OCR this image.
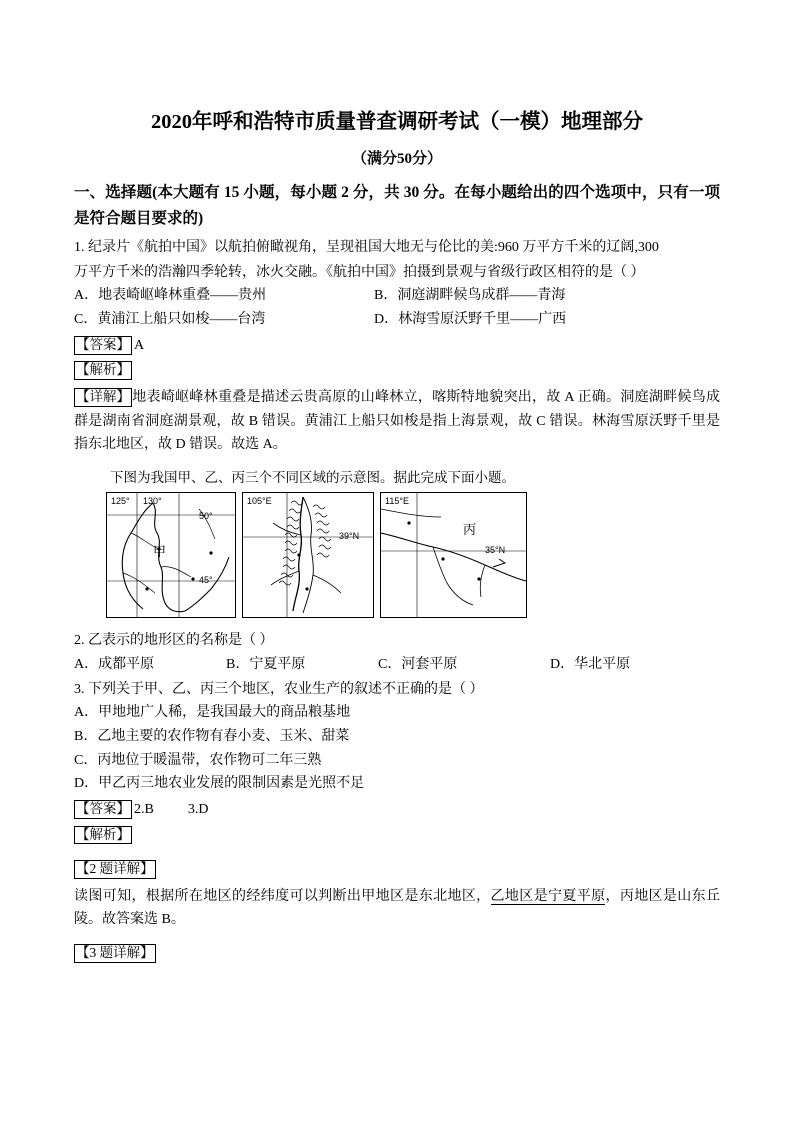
2020年呼和浩特市质量普查调研考试（一模）地理部分
（满分50分）
一、选择题(本大题有 15 小题，每小题 2 分，共 30 分。在每小题给出的四个选项中，只有一项是符合题目要求的)
1. 纪录片《航拍中国》以航拍俯瞰视角，呈现祖国大地无与伦比的美:960 万平方千米的辽阔,300
万平方千米的浩瀚四季轮转，冰火交融。《航拍中国》拍摄到景观与省级行政区相符的是（ ）
A．地表崎岖峰林重叠——贵州	B．洞庭湖畔候鸟成群——青海
C．黄浦江上船只如梭——台湾	D．林海雪原沃野千里——广西
【答案】 A
【解析】
【详解】 地表崎岖峰林重叠是描述云贵高原的山峰林立，喀斯特地貌突出，故 A 正确。洞庭湖畔候鸟成群是湖南省洞庭湖景观，故 B 错误。黄浦江上船只如梭是指上海景观，故 C 错误。林海雪原沃野千里是指东北地区，故 D 错误。故选 A。
下图为我国甲、乙、丙三个不同区域的示意图。据此完成下面小题。
125° 130°
50°
45°
甲
105°E
39°N
115°E
35°N
丙
2. 乙表示的地形区的名称是（ ）
A．成都平原	B．宁夏平原	C．河套平原	D．华北平原
3. 下列关于甲、乙、丙三个地区，农业生产的叙述不正确的是（ ）
A．甲地地广人稀，是我国最大的商品粮基地
B．乙地主要的农作物有春小麦、玉米、甜菜
C．丙地位于暖温带，农作物可二年三熟
D．甲乙丙三地农业发展的限制因素是光照不足
【答案】 2.B 3.D
【解析】
【2 题详解】
读图可知，根据所在地区的经纬度可以判断出甲地区是东北地区，乙地区是宁夏平原，丙地区是山东丘陵。故答案选 B。
【3 题详解】
